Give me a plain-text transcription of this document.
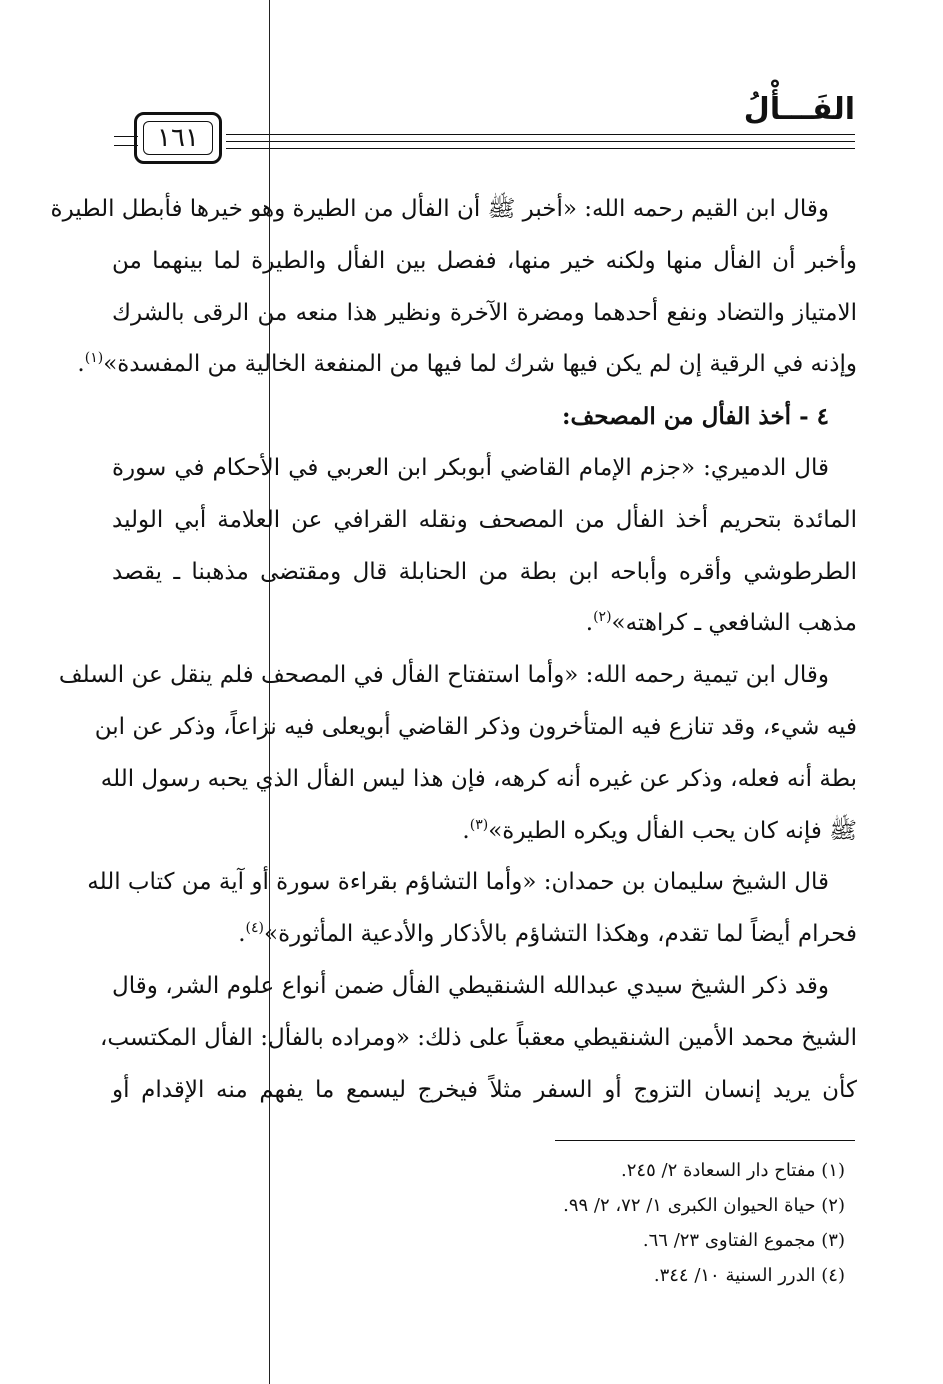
الفَـــأْلُ
١٦١
وقال ابن القيم رحمه الله: «أخبر ﷺ أن الفأل من الطيرة وهو خيرها فأبطل الطيرة
وأخبر أن الفأل منها ولكنه خير منها، ففصل بين الفأل والطيرة لما بينهما من
الامتياز والتضاد ونفع أحدهما ومضرة الآخرة ونظير هذا منعه من الرقى بالشرك
وإذنه في الرقية إن لم يكن فيها شرك لما فيها من المنفعة الخالية من المفسدة»$^{(١)}$.
٤ - أخذ الفأل من المصحف:
قال الدميري: «جزم الإمام القاضي أبوبكر ابن العربي في الأحكام في سورة
المائدة بتحريم أخذ الفأل من المصحف ونقله القرافي عن العلامة أبي الوليد
الطرطوشي وأقره وأباحه ابن بطة من الحنابلة قال ومقتضى مذهبنا ـ يقصد
مذهب الشافعي ـ كراهته»$^{(٢)}$.
وقال ابن تيمية رحمه الله: «وأما استفتاح الفأل في المصحف فلم ينقل عن السلف
فيه شيء، وقد تنازع فيه المتأخرون وذكر القاضي أبويعلى فيه نزاعاً، وذكر عن ابن
بطة أنه فعله، وذكر عن غيره أنه كرهه، فإن هذا ليس الفأل الذي يحبه رسول الله
ﷺ فإنه كان يحب الفأل ويكره الطيرة»$^{(٣)}$.
قال الشيخ سليمان بن حمدان: «وأما التشاؤم بقراءة سورة أو آية من كتاب الله
فحرام أيضاً لما تقدم، وهكذا التشاؤم بالأذكار والأدعية المأثورة»$^{(٤)}$.
وقد ذكر الشيخ سيدي عبدالله الشنقيطي الفأل ضمن أنواع علوم الشر، وقال
الشيخ محمد الأمين الشنقيطي معقباً على ذلك: «ومراده بالفأل: الفأل المكتسب،
كأن يريد إنسان التزوج أو السفر مثلاً فيخرج ليسمع ما يفهم منه الإقدام أو
(١) مفتاح دار السعادة ٢/ ٢٤٥.
(٢) حياة الحيوان الكبرى ١/ ٧٢، ٢/ ٩٩.
(٣) مجموع الفتاوى ٢٣/ ٦٦.
(٤) الدرر السنية ١٠/ ٣٤٤.
